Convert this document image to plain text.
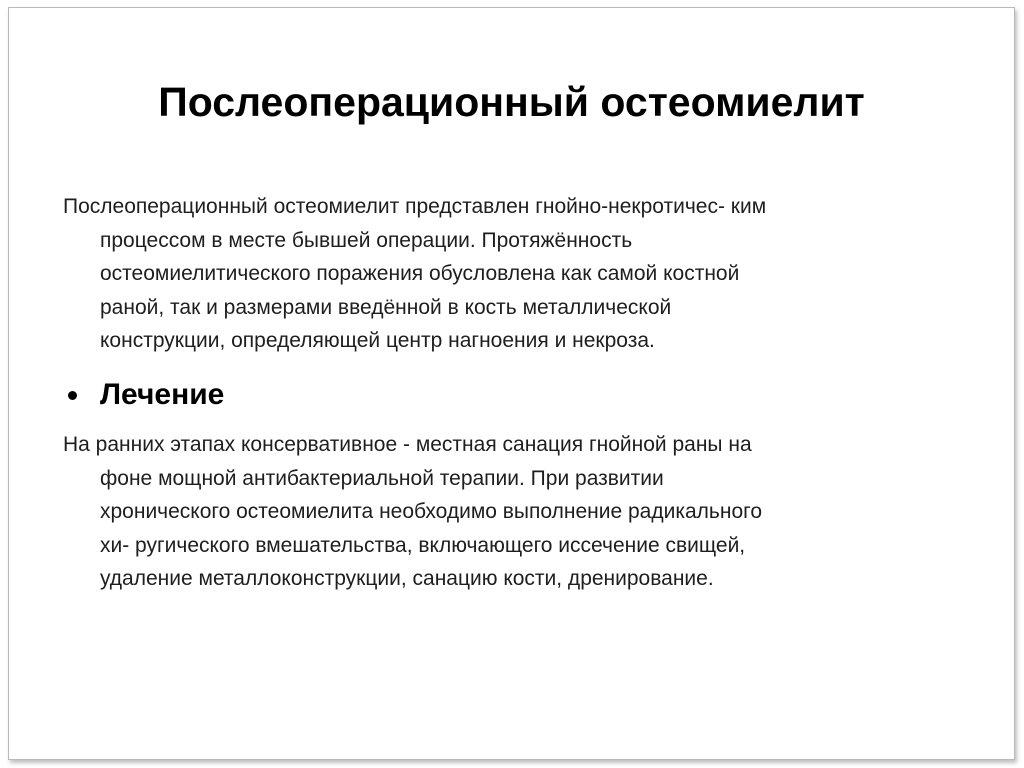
Послеоперационный остеомиелит
Послеоперационный остеомиелит представлен гнойно-некротичес- ким
процессом в месте бывшей операции. Протяжённость
остеомиелитического поражения обусловлена как самой костной
раной, так и размерами введённой в кость металлической
конструкции, определяющей центр нагноения и некроза.
Лечение
На ранних этапах консервативное - местная санация гнойной раны на
фоне мощной антибактериальной терапии. При развитии
хронического остеомиелита необходимо выполнение радикального
хи- ругического вмешательства, включающего иссечение свищей,
удаление металлоконструкции, санацию кости, дренирование.
